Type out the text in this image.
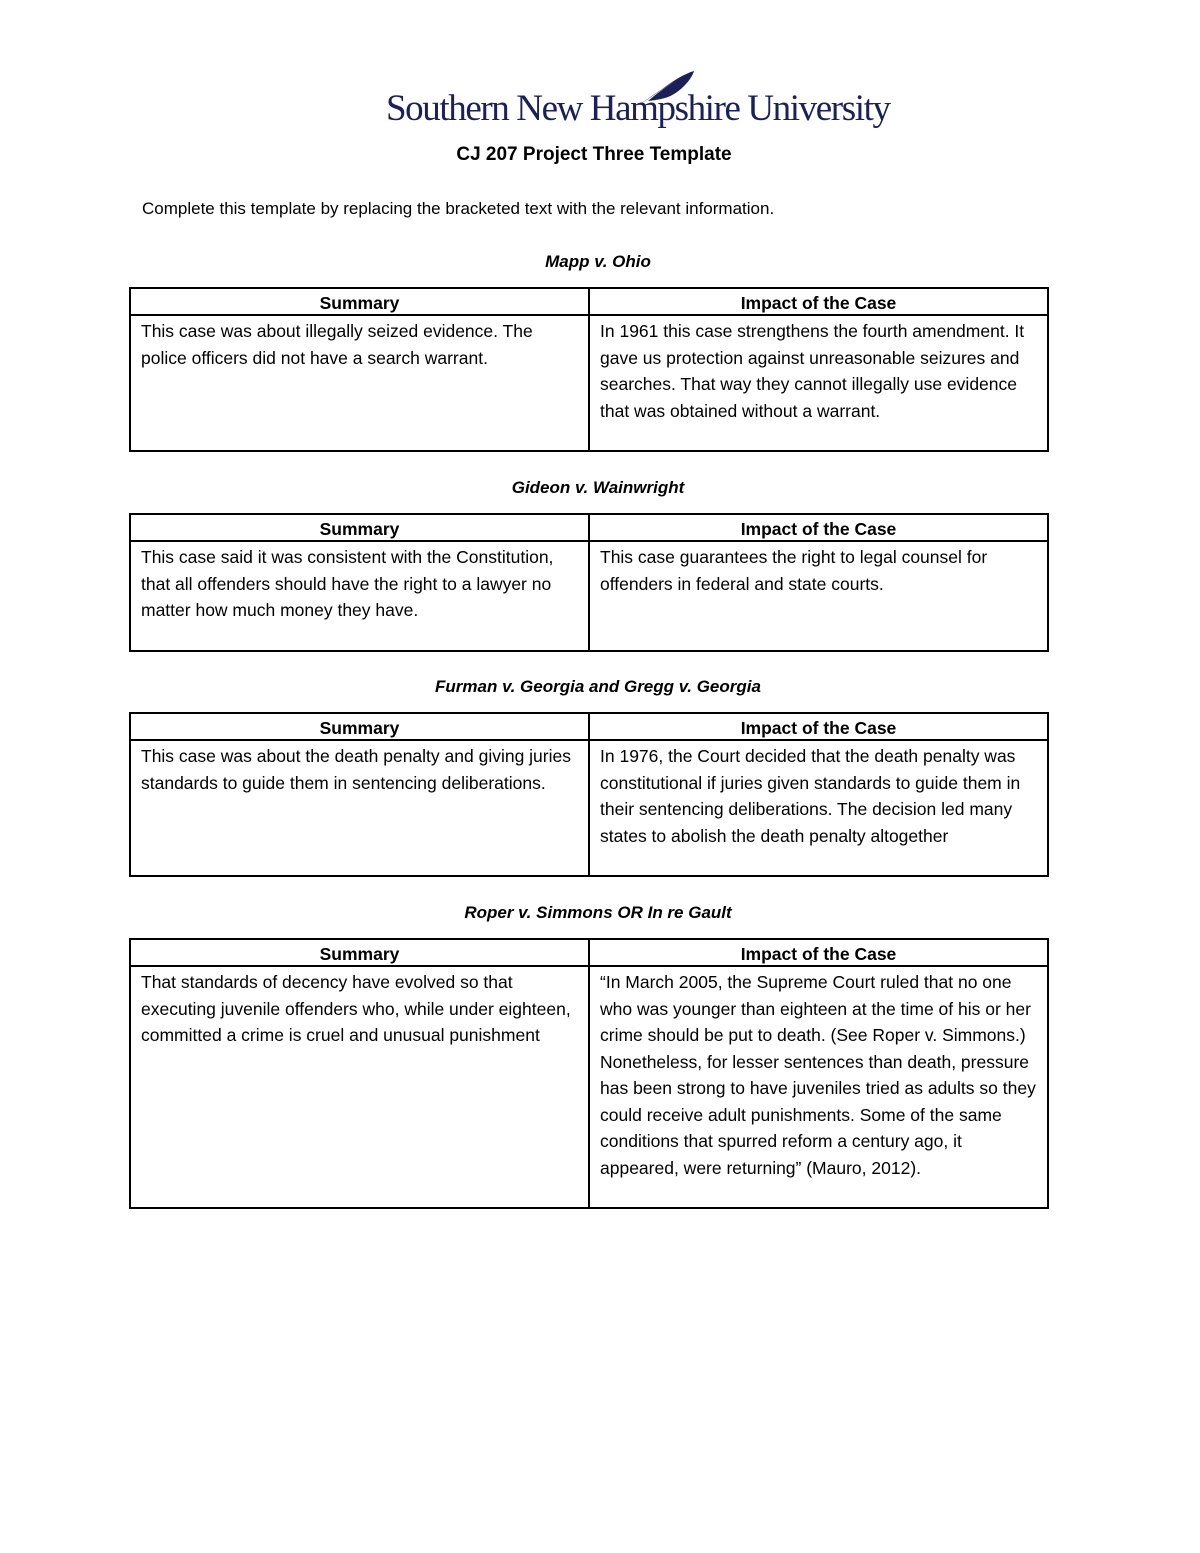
Southern New Hampshire University
CJ 207 Project Three Template
Complete this template by replacing the bracketed text with the relevant information.
Mapp v. Ohio
Summary	Impact of the Case
This case was about illegally seized evidence. The police officers did not have a search warrant.	In 1961 this case strengthens the fourth amendment. It gave us protection against unreasonable seizures and searches. That way they cannot illegally use evidence that was obtained without a warrant.
Gideon v. Wainwright
Summary	Impact of the Case
This case said it was consistent with the Constitution, that all offenders should have the right to a lawyer no matter how much money they have.	This case guarantees the right to legal counsel for offenders in federal and state courts.
Furman v. Georgia and Gregg v. Georgia
Summary	Impact of the Case
This case was about the death penalty and giving juries standards to guide them in sentencing deliberations.	In 1976, the Court decided that the death penalty was constitutional if juries given standards to guide them in their sentencing deliberations. The decision led many states to abolish the death penalty altogether
Roper v. Simmons OR In re Gault
Summary	Impact of the Case
That standards of decency have evolved so that executing juvenile offenders who, while under eighteen, committed a crime is cruel and unusual punishment	“In March 2005, the Supreme Court ruled that no one who was younger than eighteen at the time of his or her crime should be put to death. (See Roper v. Simmons.) Nonetheless, for lesser sentences than death, pressure has been strong to have juveniles tried as adults so they could receive adult punishments. Some of the same conditions that spurred reform a century ago, it appeared, were returning” (Mauro, 2012).
